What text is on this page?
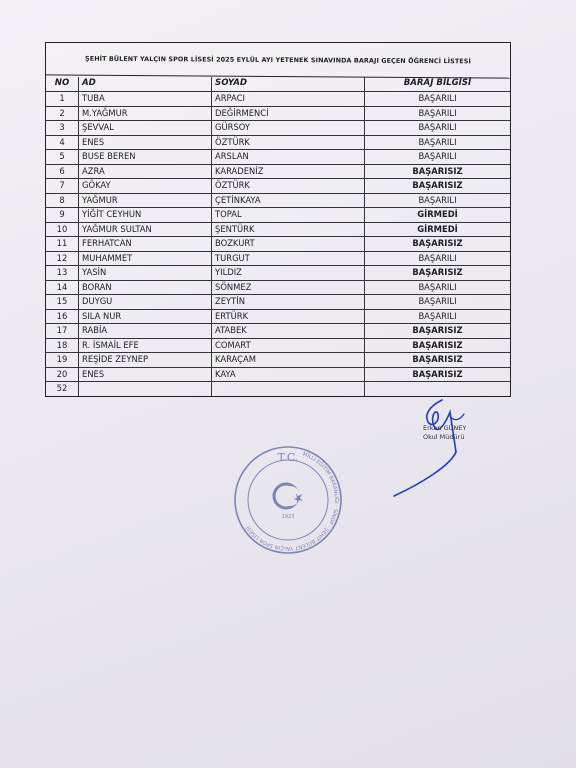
ŞEHİT BÜLENT YALÇIN SPOR LİSESİ 2025 EYLÜL AYI YETENEK SINAVINDA BARAJI GEÇEN ÖĞRENCİ LİSTESİ
NO	AD	SOYAD	BARAJ BİLGİSİ
1	TUBA	ARPACI	BAŞARILI
2	M.YAĞMUR	DEĞİRMENCİ	BAŞARILI
3	ŞEVVAL	GÜRSOY	BAŞARILI
4	ENES	ÖZTÜRK	BAŞARILI
5	BUSE BEREN	ARSLAN	BAŞARILI
6	AZRA	KARADENİZ	BAŞARISIZ
7	GÖKAY	ÖZTÜRK	BAŞARISIZ
8	YAĞMUR	ÇETİNKAYA	BAŞARILI
9	YİĞİT CEYHUN	TOPAL	GİRMEDİ
10	YAĞMUR SULTAN	ŞENTÜRK	GİRMEDİ
11	FERHATCAN	BOZKURT	BAŞARISIZ
12	MUHAMMET	TURGUT	BAŞARILI
13	YASİN	YILDIZ	BAŞARISIZ
14	BORAN	SÖNMEZ	BAŞARILI
15	DUYGU	ZEYTİN	BAŞARILI
16	SILA NUR	ERTÜRK	BAŞARILI
17	RABİA	ATABEK	BAŞARISIZ
18	R. İSMAİL EFE	COMART	BAŞARISIZ
19	REŞİDE ZEYNEP	KARAÇAM	BAŞARISIZ
20	ENES	KAYA	BAŞARISIZ
52			
Erkan GÜNEY
Okul Müdürü
T.C.
1923
MİLLİ EĞİTİM BAKANLIĞI · SİNOP · ŞEHİT BÜLENT YALÇIN SPOR LİSESİ
